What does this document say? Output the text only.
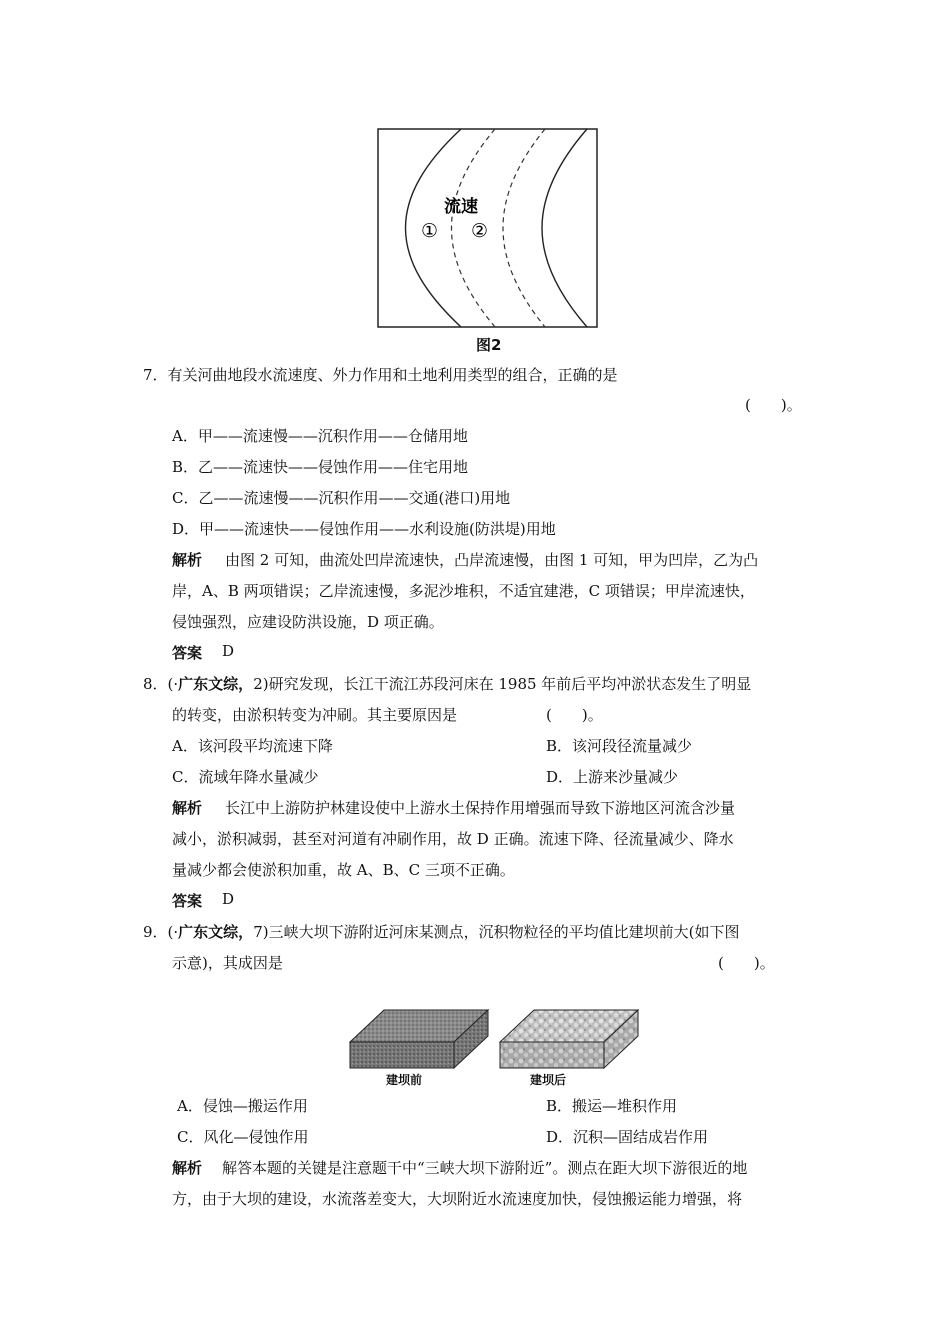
流速
① ②
图2
7．有关河曲地段水流速度、外力作用和土地利用类型的组合，正确的是
(　　)。
A．甲——流速慢——沉积作用——仓储用地
B．乙——流速快——侵蚀作用——住宅用地
C．乙——流速慢——沉积作用——交通(港口)用地
D．甲——流速快——侵蚀作用——水利设施(防洪堤)用地
解析 由图 2 可知，曲流处凹岸流速快，凸岸流速慢，由图 1 可知，甲为凹岸，乙为凸
岸，A、B 两项错误；乙岸流速慢，多泥沙堆积，不适宜建港，C 项错误；甲岸流速快，
侵蚀强烈，应建设防洪设施，D 项正确。
答案 D
8．(·广东文综，2)研究发现，长江干流江苏段河床在 1985 年前后平均冲淤状态发生了明显
的转变，由淤积转变为冲刷。其主要原因是	(　　)。
A．该河段平均流速下降	B．该河段径流量减少
C．流域年降水量减少	D．上游来沙量减少
解析 长江中上游防护林建设使中上游水土保持作用增强而导致下游地区河流含沙量
减小，淤积减弱，甚至对河道有冲刷作用，故 D 正确。流速下降、径流量减少、降水
量减少都会使淤积加重，故 A、B、C 三项不正确。
答案 D
9．(·广东文综，7)三峡大坝下游附近河床某测点，沉积物粒径的平均值比建坝前大(如下图
示意)，其成因是	(　　)。
建坝前	建坝后
A．侵蚀—搬运作用	B．搬运—堆积作用
C．风化—侵蚀作用	D．沉积—固结成岩作用
解析 解答本题的关键是注意题干中“三峡大坝下游附近”。测点在距大坝下游很近的地
方，由于大坝的建设，水流落差变大，大坝附近水流速度加快，侵蚀搬运能力增强，将
